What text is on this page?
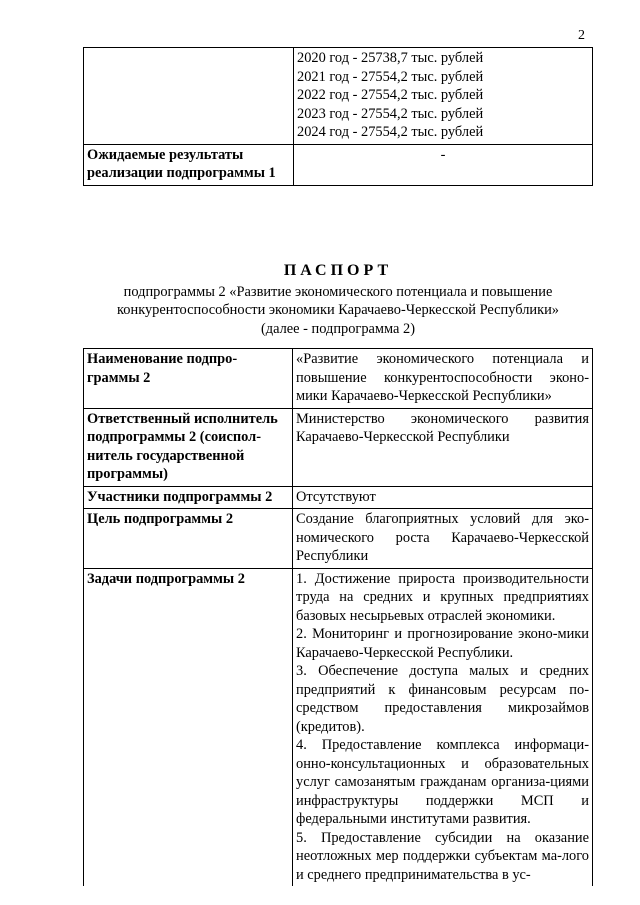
2

	2020 год - 25738,7 тыс. рублей
2021 год - 27554,2 тыс. рублей
2022 год - 27554,2 тыс. рублей
2023 год - 27554,2 тыс. рублей
2024 год - 27554,2 тыс. рублей

Ожидаемые результаты реализации подпрограммы 1	-
ПАСПОРТ
подпрограммы 2 «Развитие экономического потенциала и повышение
конкурентоспособности экономики Карачаево-Черкесской Республики»
(далее - подпрограмма 2)
Наименование подпро-граммы 2	«Развитие экономического потенциала и повышение конкурентоспособности эконо-мики Карачаево-Черкесской Республики»
Ответственный исполнитель подпрограммы 2 (соиспол-нитель государственной программы)	Министерство экономического развития Карачаево-Черкесской Республики
Участники подпрограммы 2	Отсутствуют
Цель подпрограммы 2	Создание благоприятных условий для эко-номического роста Карачаево-Черкесской Республики
Задачи подпрограммы 2	1. Достижение прироста производительности труда на средних и крупных предприятиях базовых несырьевых отраслей экономики.
2. Мониторинг и прогнозирование эконо-мики Карачаево-Черкесской Республики.
3. Обеспечение доступа малых и средних предприятий к финансовым ресурсам по-средством предоставления микрозаймов (кредитов).
4. Предоставление комплекса информаци-онно-консультационных и образовательных услуг самозанятым гражданам организа-циями инфраструктуры поддержки МСП и федеральными институтами развития.
5. Предоставление субсидии на оказание неотложных мер поддержки субъектам ма-лого и среднего предпринимательства в ус-
